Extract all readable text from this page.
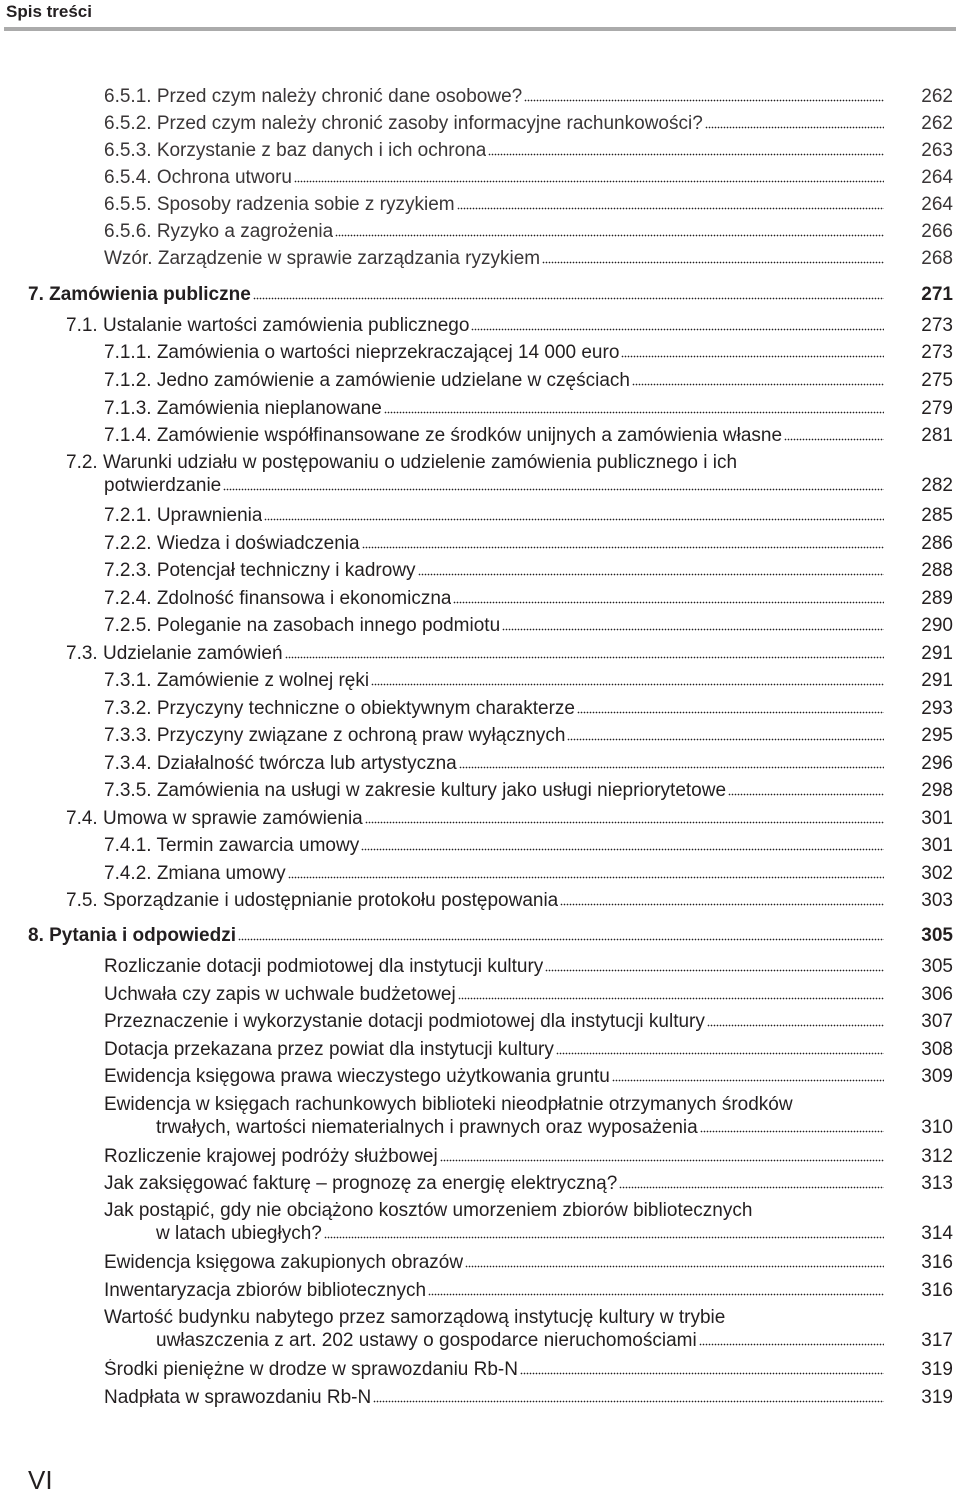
Spis treści
6.5.1. Przed czym należy chronić dane osobowe?	262
6.5.2. Przed czym należy chronić zasoby informacyjne rachunkowości?	262
6.5.3. Korzystanie z baz danych i ich ochrona	263
6.5.4. Ochrona utworu	264
6.5.5. Sposoby radzenia sobie z ryzykiem	264
6.5.6. Ryzyko a zagrożenia	266
Wzór. Zarządzenie w sprawie zarządzania ryzykiem	268
7. Zamówienia publiczne	271
7.1. Ustalanie wartości zamówienia publicznego	273
7.1.1. Zamówienia o wartości nieprzekraczającej 14 000 euro	273
7.1.2. Jedno zamówienie a zamówienie udzielane w częściach	275
7.1.3. Zamówienia nieplanowane	279
7.1.4. Zamówienie współfinansowane ze środków unijnych a zamówienia własne	281
7.2. Warunki udziału w postępowaniu o udzielenie zamówienia publicznego i ich
potwierdzanie	282
7.2.1. Uprawnienia	285
7.2.2. Wiedza i doświadczenia	286
7.2.3. Potencjał techniczny i kadrowy	288
7.2.4. Zdolność finansowa i ekonomiczna	289
7.2.5. Poleganie na zasobach innego podmiotu	290
7.3. Udzielanie zamówień	291
7.3.1. Zamówienie z wolnej ręki	291
7.3.2. Przyczyny techniczne o obiektywnym charakterze	293
7.3.3. Przyczyny związane z ochroną praw wyłącznych	295
7.3.4. Działalność twórcza lub artystyczna	296
7.3.5. Zamówienia na usługi w zakresie kultury jako usługi niepriorytetowe	298
7.4. Umowa w sprawie zamówienia	301
7.4.1. Termin zawarcia umowy	301
7.4.2. Zmiana umowy	302
7.5. Sporządzanie i udostępnianie protokołu postępowania	303
8. Pytania i odpowiedzi	305
Rozliczanie dotacji podmiotowej dla instytucji kultury	305
Uchwała czy zapis w uchwale budżetowej	306
Przeznaczenie i wykorzystanie dotacji podmiotowej dla instytucji kultury	307
Dotacja przekazana przez powiat dla instytucji kultury	308
Ewidencja księgowa prawa wieczystego użytkowania gruntu	309
Ewidencja w księgach rachunkowych biblioteki nieodpłatnie otrzymanych środków
trwałych, wartości niematerialnych i prawnych oraz wyposażenia	310
Rozliczenie krajowej podróży służbowej	312
Jak zaksięgować fakturę – prognozę za energię elektryczną?	313
Jak postąpić, gdy nie obciążono kosztów umorzeniem zbiorów bibliotecznych
w latach ubiegłych?	314
Ewidencja księgowa zakupionych obrazów	316
Inwentaryzacja zbiorów bibliotecznych	316
Wartość budynku nabytego przez samorządową instytucję kultury w trybie
uwłaszczenia z art. 202 ustawy o gospodarce nieruchomościami	317
Środki pieniężne w drodze w sprawozdaniu Rb-N	319
Nadpłata w sprawozdaniu Rb-N	319
VI
